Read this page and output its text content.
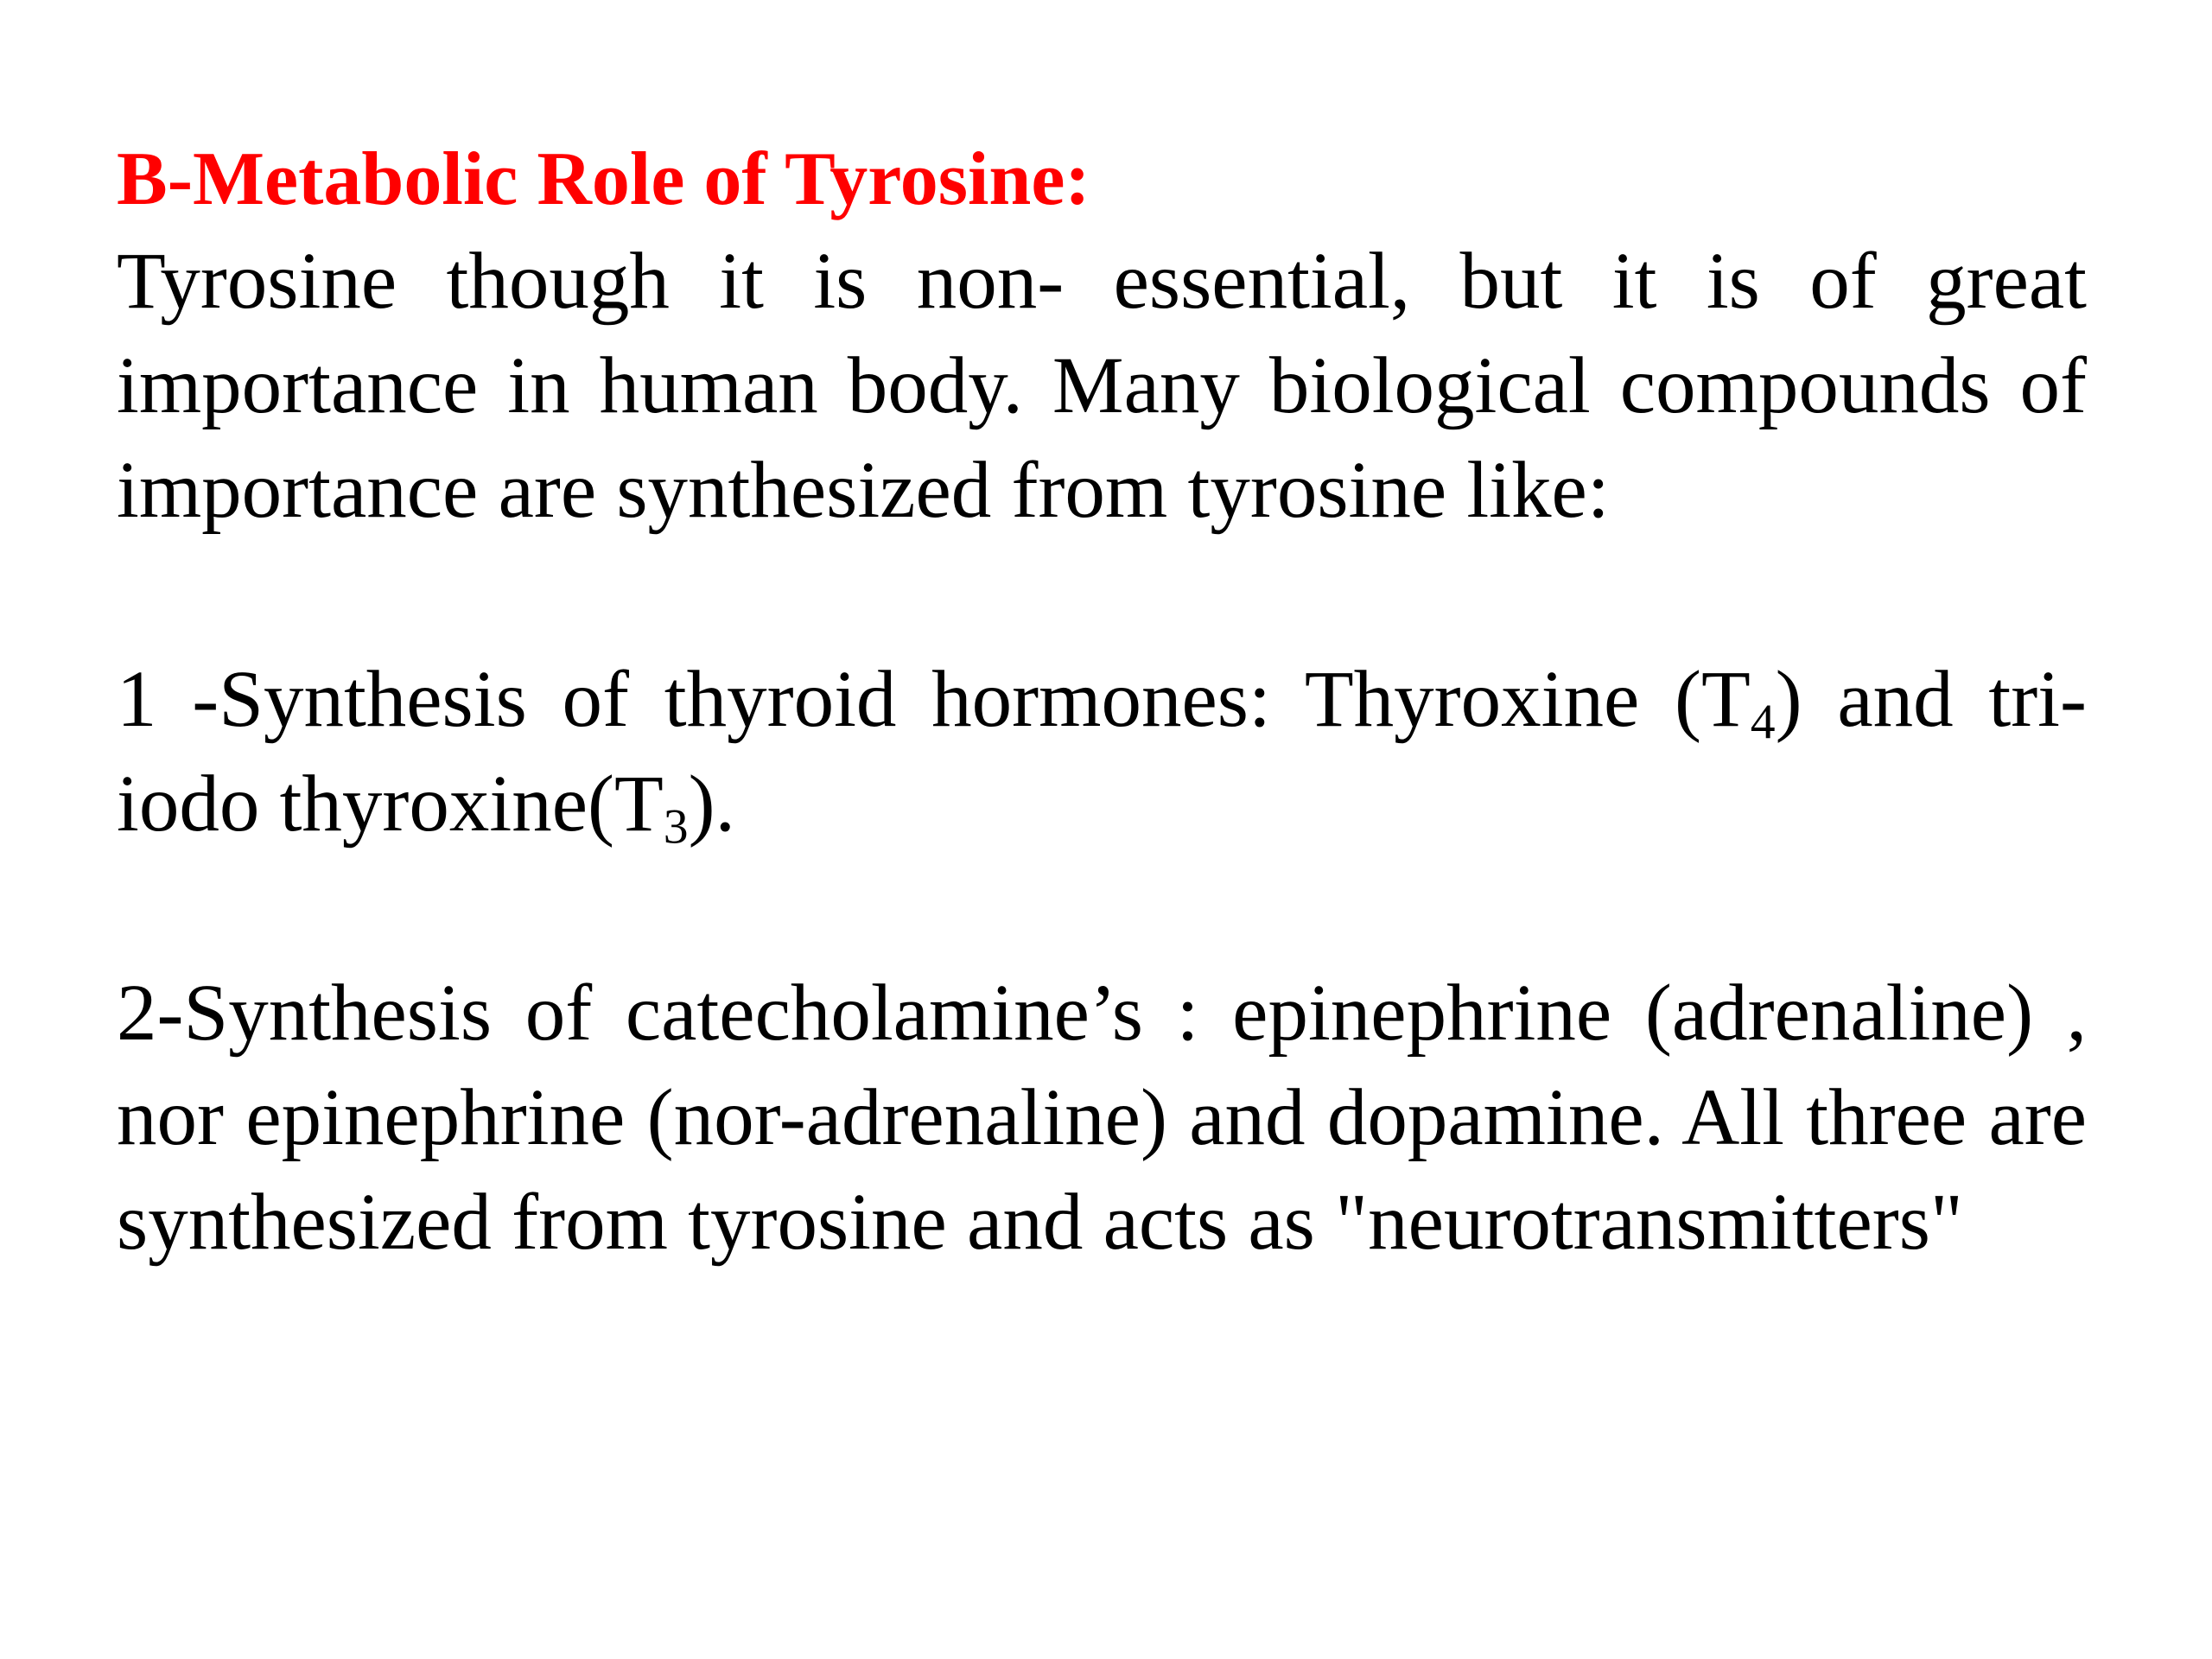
B-Metabolic Role of Tyrosine:

Tyrosine though it is non- essential, but it is of great importance in human body. Many biological compounds of importance are synthesized from tyrosine like:

1 -Synthesis of thyroid hormones: Thyroxine $(T_4)$ and tri-iodo $thyroxine(T_3)$.

2-Synthesis of catecholamine’s : epinephrine (adrenaline) , nor epinephrine (nor-adrenaline) and dopamine. All three are synthesized from tyrosine and acts as "neurotransmitters"
